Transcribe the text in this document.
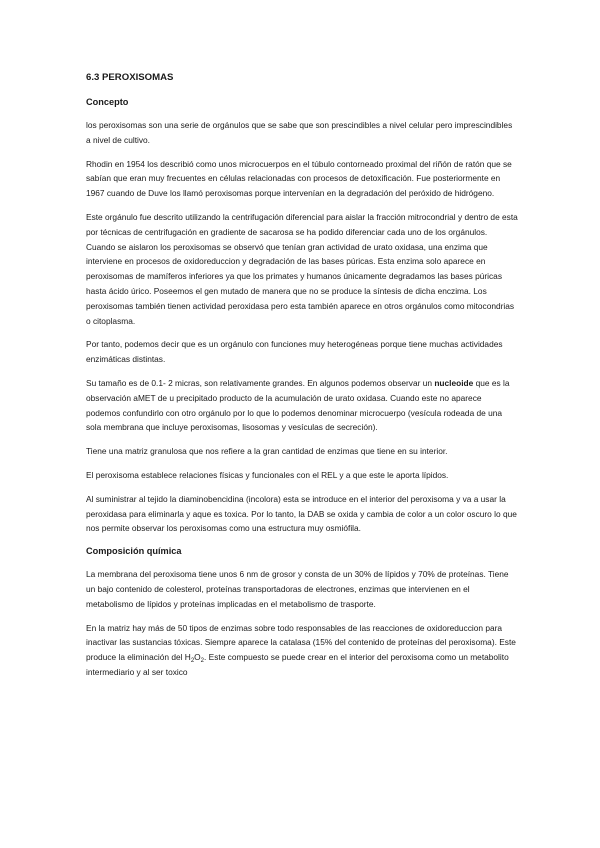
6.3 PEROXISOMAS
Concepto

los peroxisomas son una serie de orgánulos que se sabe que son prescindibles a nivel celular pero imprescindibles a nivel de cultivo.

Rhodin en 1954 los describió como unos microcuerpos en el túbulo contorneado proximal del riñón de ratón que se sabían que eran muy frecuentes en células relacionadas con procesos de detoxificación. Fue posteriormente en 1967 cuando de Duve los llamó peroxisomas porque intervenían en la degradación del peróxido de hidrógeno.

Este orgánulo fue descrito utilizando la centrifugación diferencial para aislar la fracción mitrocondrial y dentro de esta por técnicas de centrifugación en gradiente de sacarosa se ha podido diferenciar cada uno de los orgánulos. Cuando se aislaron los peroxisomas se observó que tenían gran actividad de urato oxidasa, una enzima que interviene en procesos de oxidoreduccion y degradación de las bases púricas. Esta enzima solo aparece en peroxisomas de mamíferos inferiores ya que los primates y humanos únicamente degradamos las bases púricas hasta ácido úrico. Poseemos el gen mutado de manera que no se produce la síntesis de dicha enczima. Los peroxisomas también tienen actividad peroxidasa pero esta también aparece en otros orgánulos como mitocondrias o citoplasma.

Por tanto, podemos decir que es un orgánulo con funciones muy heterogéneas porque tiene muchas actividades enzimáticas distintas.

Su tamaño es de 0.1- 2 micras, son relativamente grandes. En algunos podemos observar un nucleoide que es la observación aMET de u precipitado producto de la acumulación de urato oxidasa. Cuando este no aparece podemos confundirlo con otro orgánulo por lo que lo podemos denominar microcuerpo (vesícula rodeada de una sola membrana que incluye peroxisomas, lisosomas y vesículas de secreción).

Tiene una matriz granulosa que nos refiere a la gran cantidad de enzimas que tiene en su interior.

El peroxisoma establece relaciones físicas y funcionales con el REL y a que este le aporta lípidos.

Al suministrar al tejido la diaminobencidina (incolora) esta se introduce en el interior del peroxisoma y va a usar la peroxidasa para eliminarla y aque es toxica. Por lo tanto, la DAB se oxida y cambia de color a un color oscuro lo que nos permite observar los peroxisomas como una estructura muy osmiófila.

Composición química

La membrana del peroxisoma tiene unos 6 nm de grosor y consta de un 30% de lípidos y 70% de proteínas. Tiene un bajo contenido de colesterol, proteínas transportadoras de electrones, enzimas que intervienen en el metabolismo de lípidos y proteínas implicadas en el metabolismo de trasporte.

En la matriz hay más de 50 tipos de enzimas sobre todo responsables de las reacciones de oxidoreduccion para inactivar las sustancias tóxicas. Siempre aparece la catalasa (15% del contenido de proteínas del peroxisoma). Este produce la eliminación del $H_2O_2$. Este compuesto se puede crear en el interior del peroxisoma como un metabolito intermediario y al ser toxico
